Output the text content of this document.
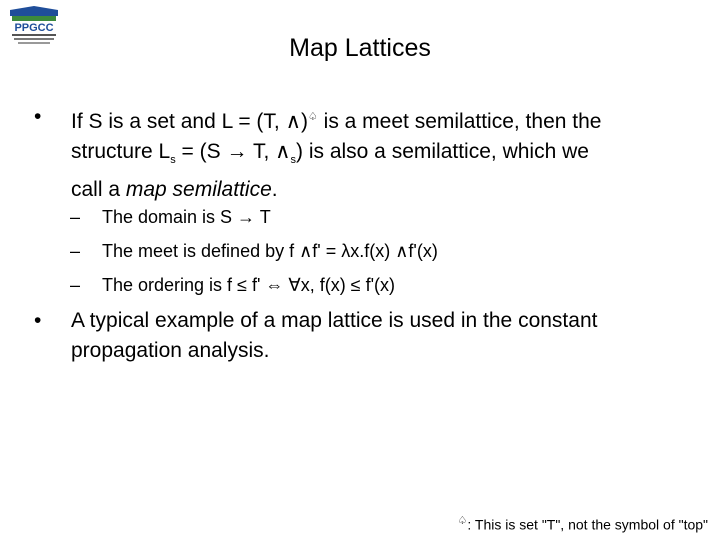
PPGCC
Map Lattices
• If S is a set and L = (T, ∧)♤ is a meet semilattice, then the
structure $L_s = (S \to T$, $\wedge_s$) is also a semilattice, which we
call a map semilattice.
– The domain is S → T
– The meet is defined by f ∧f' = λx.f(x) ∧f'(x)
– The ordering is f ≤ f' ⇔ ∀x, f(x) ≤ f'(x)
• A typical example of a map lattice is used in the constant propagation analysis.
♤: This is set "T", not the symbol of "top"
